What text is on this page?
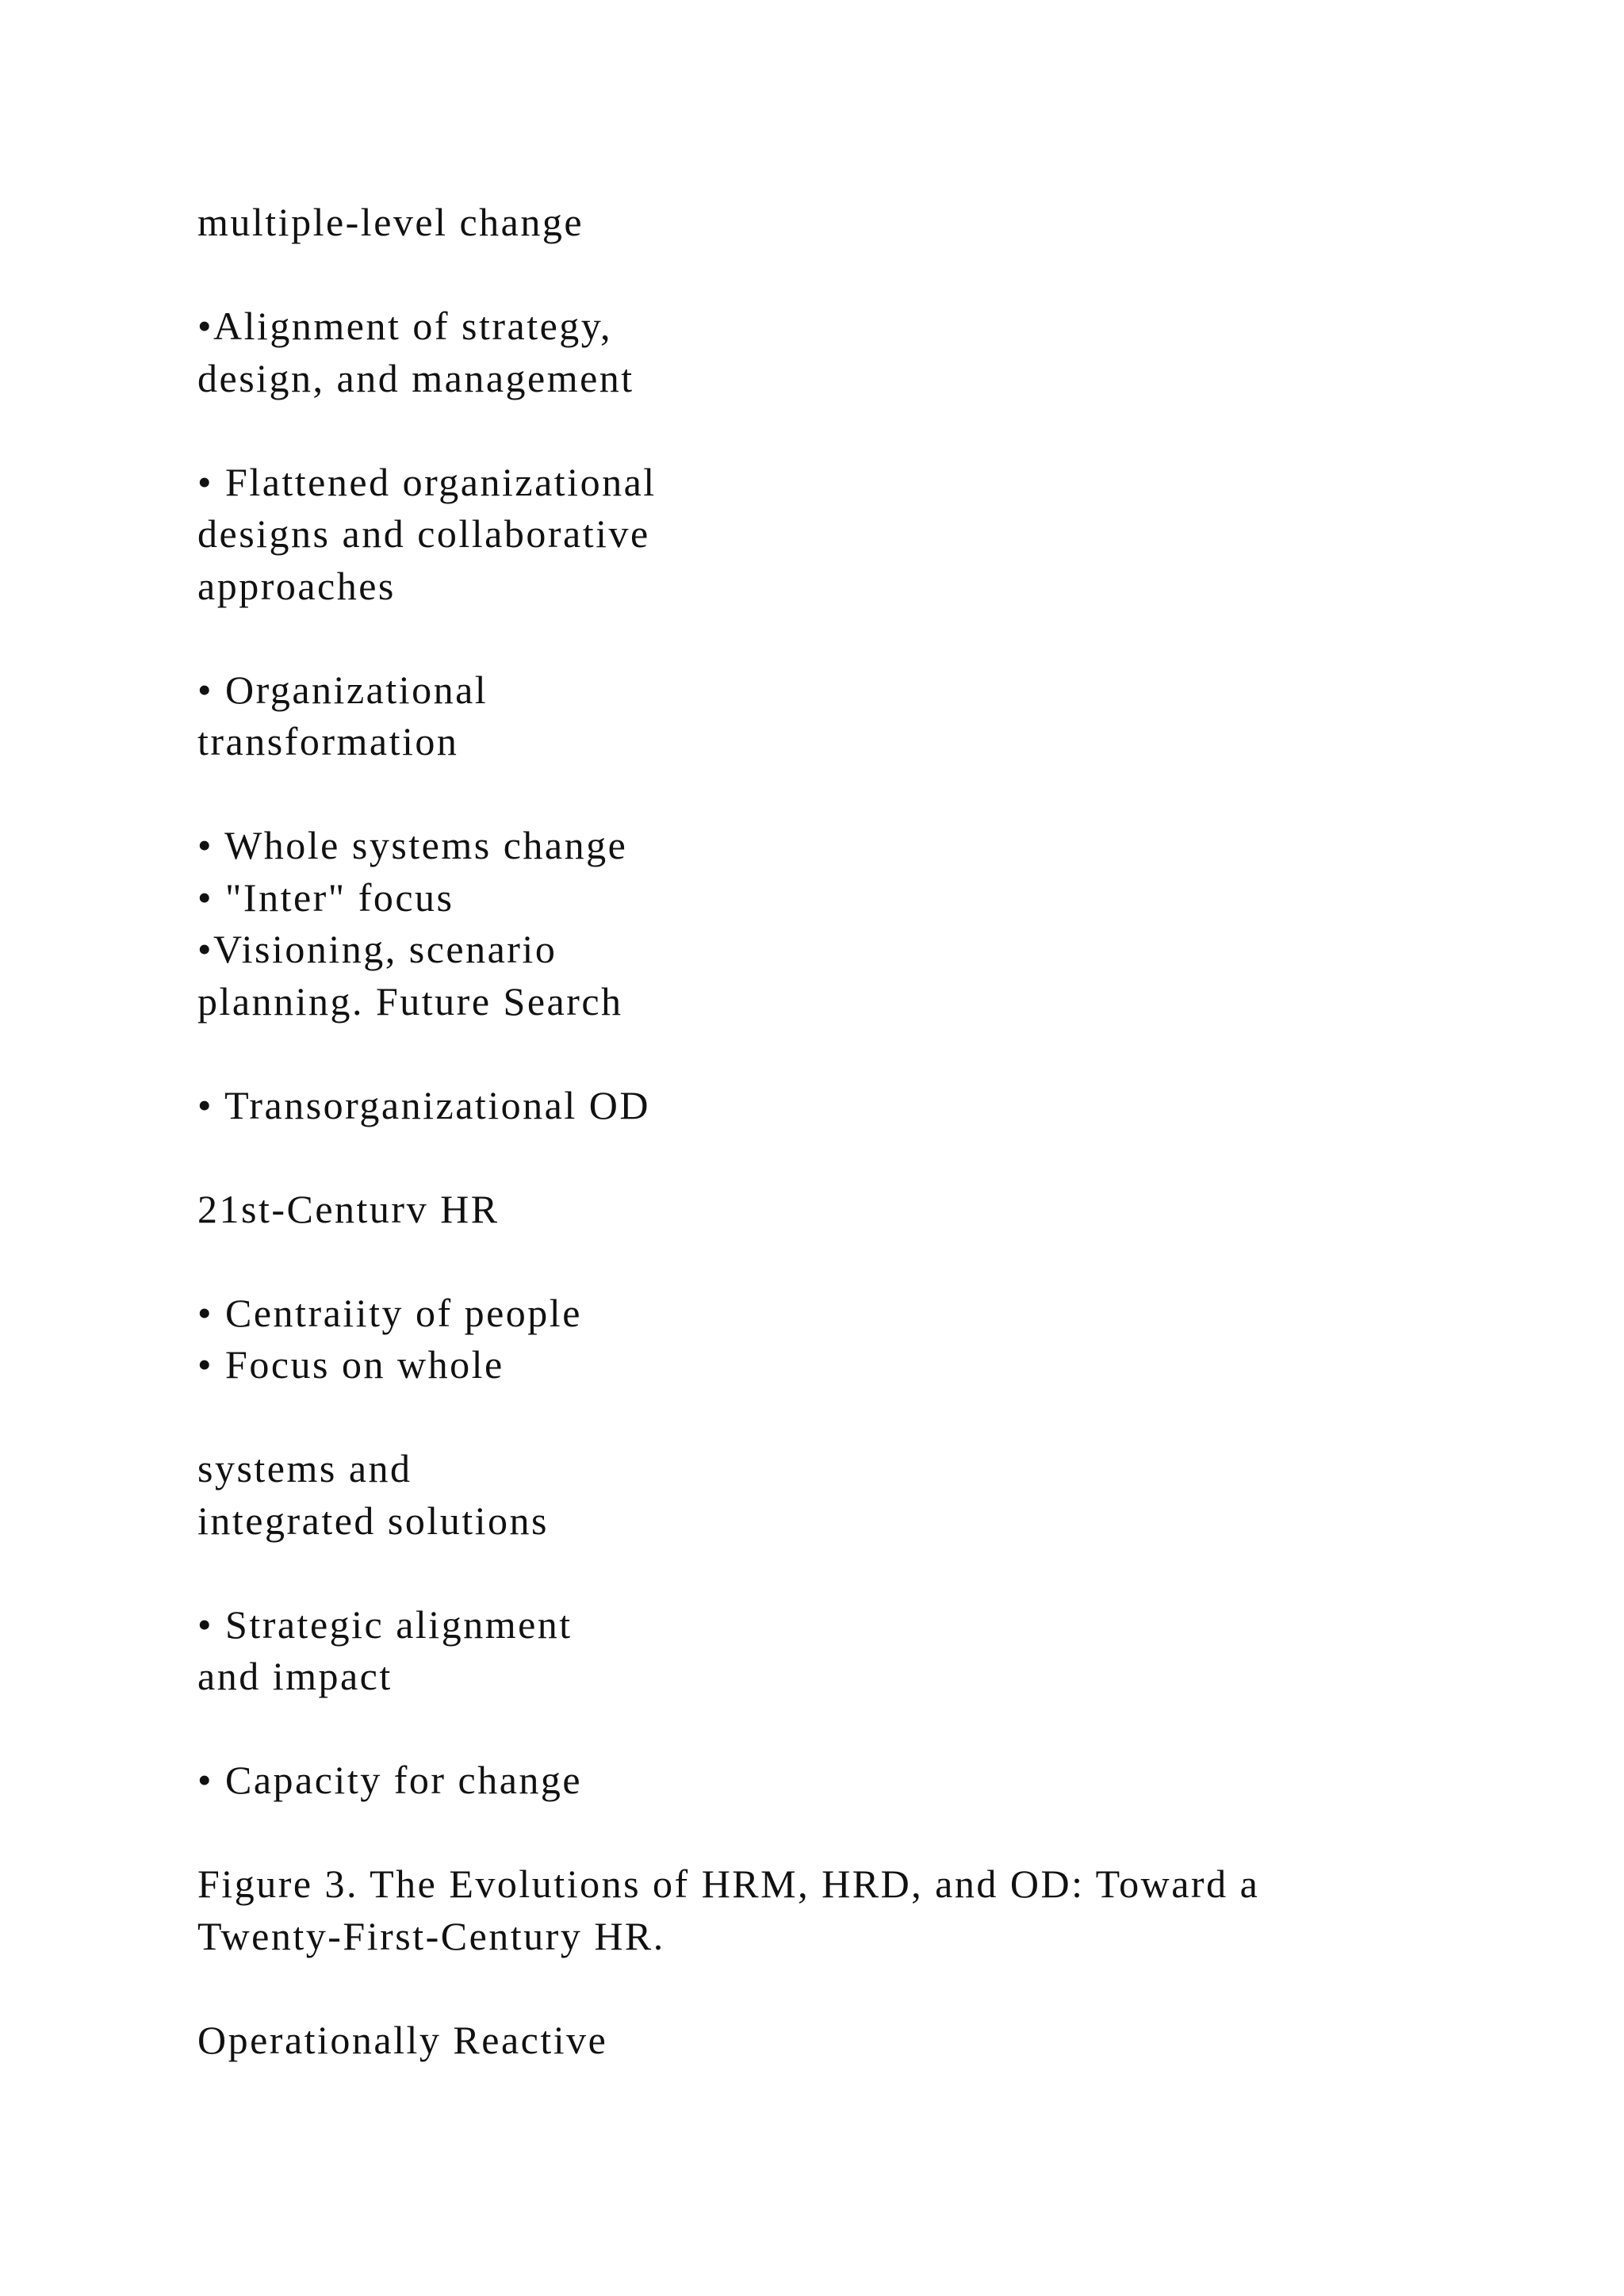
multiple-level change
•Alignment of strategy,
design, and management
• Flattened organizational
designs and collaborative
approaches
• Organizational
transformation
• Whole systems change
• "Inter" focus
•Visioning, scenario
planning. Future Search
• Transorganizational OD
21st-Centurv HR
• Centraiity of people
• Focus on whole
systems and
integrated solutions
• Strategic alignment
and impact
• Capacity for change
Figure 3. The Evolutions of HRM, HRD, and OD: Toward a
Twenty-First-Century HR.
Operationally Reactive
